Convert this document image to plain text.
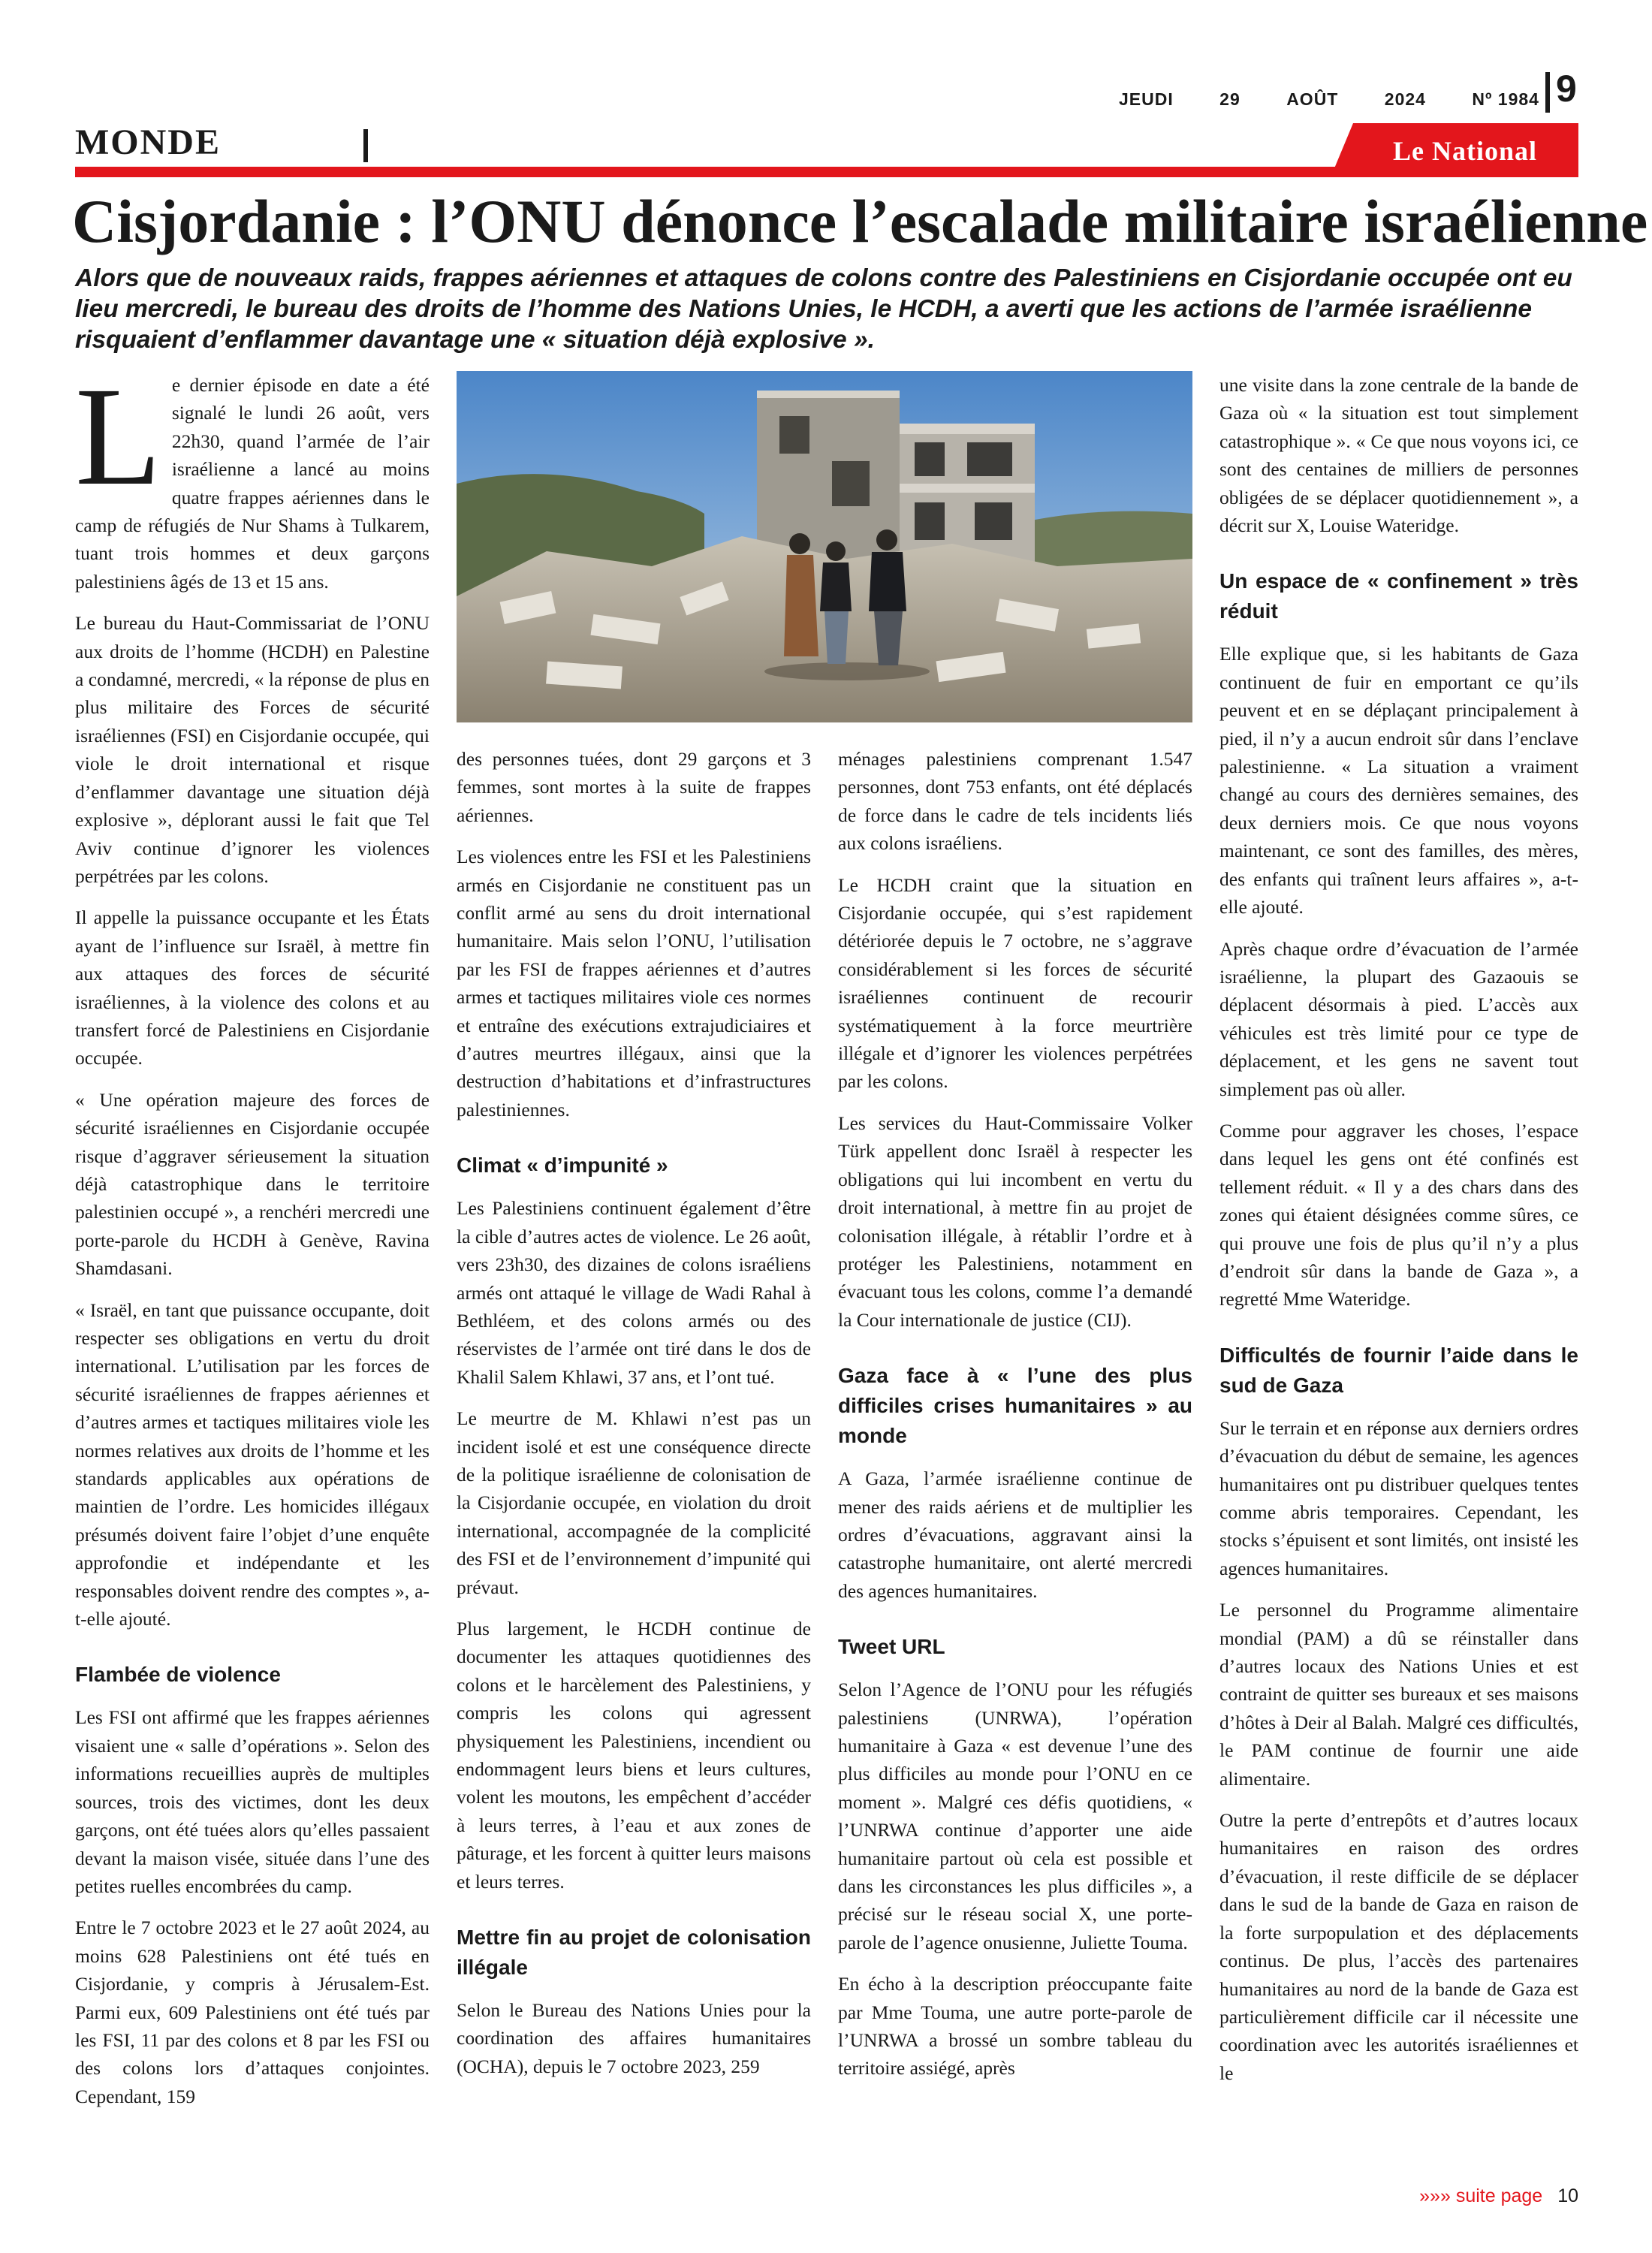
JEUDI	29	AOÛT	2024	Nº 1984 9
MONDE	Le National
Cisjordanie : l’ONU dénonce l’escalade militaire israélienne
Alors que de nouveaux raids, frappes aériennes et attaques de colons contre des Palestiniens en Cisjordanie occupée ont eu lieu mercredi, le bureau des droits de l’homme des Nations Unies, le HCDH, a averti que les actions de l’armée israélienne risquaient d’enflammer davantage une « situation déjà explosive ».

Le dernier épisode en date a été signalé le lundi 26 août, vers 22h30, quand l’armée de l’air israélienne a lancé au moins quatre frappes aériennes dans le camp de réfugiés de Nur Shams à Tulkarem, tuant trois hommes et deux garçons palestiniens âgés de 13 et 15 ans.

Le bureau du Haut-Commissariat de l’ONU aux droits de l’homme (HCDH) en Palestine a condamné, mercredi, « la réponse de plus en plus militaire des Forces de sécurité israéliennes (FSI) en Cisjordanie occupée, qui viole le droit international et risque d’enflammer davantage une situation déjà explosive », déplorant aussi le fait que Tel Aviv continue d’ignorer les violences perpétrées par les colons.

Il appelle la puissance occupante et les États ayant de l’influence sur Israël, à mettre fin aux attaques des forces de sécurité israéliennes, à la violence des colons et au transfert forcé de Palestiniens en Cisjordanie occupée.

« Une opération majeure des forces de sécurité israéliennes en Cisjordanie occupée risque d’aggraver sérieusement la situation déjà catastrophique dans le territoire palestinien occupé », a renchéri mercredi une porte-parole du HCDH à Genève, Ravina Shamdasani.

« Israël, en tant que puissance occupante, doit respecter ses obligations en vertu du droit international. L’utilisation par les forces de sécurité israéliennes de frappes aériennes et d’autres armes et tactiques militaires viole les normes relatives aux droits de l’homme et les standards applicables aux opérations de maintien de l’ordre. Les homicides illégaux présumés doivent faire l’objet d’une enquête approfondie et indépendante et les responsables doivent rendre des comptes », a-t-elle ajouté.

Flambée de violence

Les FSI ont affirmé que les frappes aériennes visaient une « salle d’opérations ». Selon des informations recueillies auprès de multiples sources, trois des victimes, dont les deux garçons, ont été tuées alors qu’elles passaient devant la maison visée, située dans l’une des petites ruelles encombrées du camp.

Entre le 7 octobre 2023 et le 27 août 2024, au moins 628 Palestiniens ont été tués en Cisjordanie, y compris à Jérusalem-Est. Parmi eux, 609 Palestiniens ont été tués par les FSI, 11 par des colons et 8 par les FSI ou des colons lors d’attaques conjointes. Cependant, 159

des personnes tuées, dont 29 garçons et 3 femmes, sont mortes à la suite de frappes aériennes.

Les violences entre les FSI et les Palestiniens armés en Cisjordanie ne constituent pas un conflit armé au sens du droit international humanitaire. Mais selon l’ONU, l’utilisation par les FSI de frappes aériennes et d’autres armes et tactiques militaires viole ces normes et entraîne des exécutions extrajudiciaires et d’autres meurtres illégaux, ainsi que la destruction d’habitations et d’infrastructures palestiniennes.

Climat « d’impunité »

Les Palestiniens continuent également d’être la cible d’autres actes de violence. Le 26 août, vers 23h30, des dizaines de colons israéliens armés ont attaqué le village de Wadi Rahal à Bethléem, et des colons armés ou des réservistes de l’armée ont tiré dans le dos de Khalil Salem Khlawi, 37 ans, et l’ont tué.

Le meurtre de M. Khlawi n’est pas un incident isolé et est une conséquence directe de la politique israélienne de colonisation de la Cisjordanie occupée, en violation du droit international, accompagnée de la complicité des FSI et de l’environnement d’impunité qui prévaut.

Plus largement, le HCDH continue de documenter les attaques quotidiennes des colons et le harcèlement des Palestiniens, y compris les colons qui agressent physiquement les Palestiniens, incendient ou endommagent leurs biens et leurs cultures, volent les moutons, les empêchent d’accéder à leurs terres, à l’eau et aux zones de pâturage, et les forcent à quitter leurs maisons et leurs terres.

Mettre fin au projet de colonisation illégale

Selon le Bureau des Nations Unies pour la coordination des affaires humanitaires (OCHA), depuis le 7 octobre 2023, 259

ménages palestiniens comprenant 1.547 personnes, dont 753 enfants, ont été déplacés de force dans le cadre de tels incidents liés aux colons israéliens.

Le HCDH craint que la situation en Cisjordanie occupée, qui s’est rapidement détériorée depuis le 7 octobre, ne s’aggrave considérablement si les forces de sécurité israéliennes continuent de recourir systématiquement à la force meurtrière illégale et d’ignorer les violences perpétrées par les colons.

Les services du Haut-Commissaire Volker Türk appellent donc Israël à respecter les obligations qui lui incombent en vertu du droit international, à mettre fin au projet de colonisation illégale, à rétablir l’ordre et à protéger les Palestiniens, notamment en évacuant tous les colons, comme l’a demandé la Cour internationale de justice (CIJ).

Gaza face à « l’une des plus difficiles crises humanitaires » au monde

A Gaza, l’armée israélienne continue de mener des raids aériens et de multiplier les ordres d’évacuations, aggravant ainsi la catastrophe humanitaire, ont alerté mercredi des agences humanitaires.

Tweet URL

Selon l’Agence de l’ONU pour les réfugiés palestiniens (UNRWA), l’opération humanitaire à Gaza « est devenue l’une des plus difficiles au monde pour l’ONU en ce moment ». Malgré ces défis quotidiens, « l’UNRWA continue d’apporter une aide humanitaire partout où cela est possible et dans les circonstances les plus difficiles », a précisé sur le réseau social X, une porte-parole de l’agence onusienne, Juliette Touma.

En écho à la description préoccupante faite par Mme Touma, une autre porte-parole de l’UNRWA a brossé un sombre tableau du territoire assiégé, après

une visite dans la zone centrale de la bande de Gaza où « la situation est tout simplement catastrophique ». « Ce que nous voyons ici, ce sont des centaines de milliers de personnes obligées de se déplacer quotidiennement », a décrit sur X, Louise Wateridge.

Un espace de « confinement » très réduit

Elle explique que, si les habitants de Gaza continuent de fuir en emportant ce qu’ils peuvent et en se déplaçant principalement à pied, il n’y a aucun endroit sûr dans l’enclave palestinienne. « La situation a vraiment changé au cours des dernières semaines, des deux derniers mois. Ce que nous voyons maintenant, ce sont des familles, des mères, des enfants qui traînent leurs affaires », a-t-elle ajouté.

Après chaque ordre d’évacuation de l’armée israélienne, la plupart des Gazaouis se déplacent désormais à pied. L’accès aux véhicules est très limité pour ce type de déplacement, et les gens ne savent tout simplement pas où aller.

Comme pour aggraver les choses, l’espace dans lequel les gens ont été confinés est tellement réduit. « Il y a des chars dans des zones qui étaient désignées comme sûres, ce qui prouve une fois de plus qu’il n’y a plus d’endroit sûr dans la bande de Gaza », a regretté Mme Wateridge.

Difficultés de fournir l’aide dans le sud de Gaza

Sur le terrain et en réponse aux derniers ordres d’évacuation du début de semaine, les agences humanitaires ont pu distribuer quelques tentes comme abris temporaires. Cependant, les stocks s’épuisent et sont limités, ont insisté les agences humanitaires.

Le personnel du Programme alimentaire mondial (PAM) a dû se réinstaller dans d’autres locaux des Nations Unies et est contraint de quitter ses bureaux et ses maisons d’hôtes à Deir al Balah. Malgré ces difficultés, le PAM continue de fournir une aide alimentaire.

Outre la perte d’entrepôts et d’autres locaux humanitaires en raison des ordres d’évacuation, il reste difficile de se déplacer dans le sud de la bande de Gaza en raison de la forte surpopulation et des déplacements continus. De plus, l’accès des partenaires humanitaires au nord de la bande de Gaza est particulièrement difficile car il nécessite une coordination avec les autorités israéliennes et le

»»» suite page 10
